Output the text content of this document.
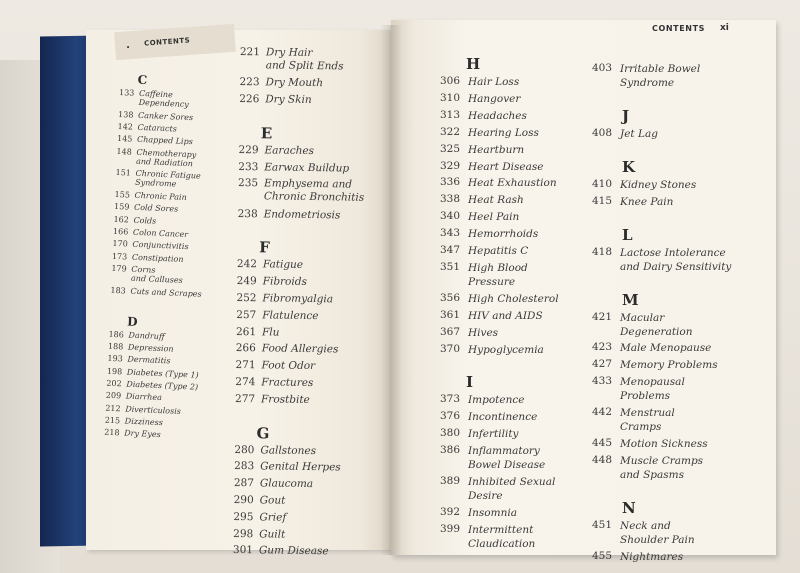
•
CONTENTS
CONTENTS xi
C
133 Caffeine
Dependency
138 Canker Sores
142 Cataracts
145 Chapped Lips
148 Chemotherapy
and Radiation
151 Chronic Fatigue
Syndrome
155 Chronic Pain
159 Cold Sores
162 Colds
166 Colon Cancer
170 Conjunctivitis
173 Constipation
179 Corns
and Calluses
183 Cuts and Scrapes
D
186 Dandruff
188 Depression
193 Dermatitis
198 Diabetes (Type 1)
202 Diabetes (Type 2)
209 Diarrhea
212 Diverticulosis
215 Dizziness
218 Dry Eyes
221 Dry Hair
and Split Ends
223 Dry Mouth
226 Dry Skin
E
229 Earaches
233 Earwax Buildup
235 Emphysema and
Chronic Bronchitis
238 Endometriosis
F
242 Fatigue
249 Fibroids
252 Fibromyalgia
257 Flatulence
261 Flu
266 Food Allergies
271 Foot Odor
274 Fractures
277 Frostbite
G
280 Gallstones
283 Genital Herpes
287 Glaucoma
290 Gout
295 Grief
298 Guilt
301 Gum Disease
H
306 Hair Loss
310 Hangover
313 Headaches
322 Hearing Loss
325 Heartburn
329 Heart Disease
336 Heat Exhaustion
338 Heat Rash
340 Heel Pain
343 Hemorrhoids
347 Hepatitis C
351 High Blood
Pressure
356 High Cholesterol
361 HIV and AIDS
367 Hives
370 Hypoglycemia
I
373 Impotence
376 Incontinence
380 Infertility
386 Inflammatory
Bowel Disease
389 Inhibited Sexual
Desire
392 Insomnia
399 Intermittent
Claudication
403 Irritable Bowel
Syndrome
J
408 Jet Lag
K
410 Kidney Stones
415 Knee Pain
L
418 Lactose Intolerance
and Dairy Sensitivity
M
421 Macular
Degeneration
423 Male Menopause
427 Memory Problems
433 Menopausal
Problems
442 Menstrual
Cramps
445 Motion Sickness
448 Muscle Cramps
and Spasms
N
451 Neck and
Shoulder Pain
455 Nightmares
